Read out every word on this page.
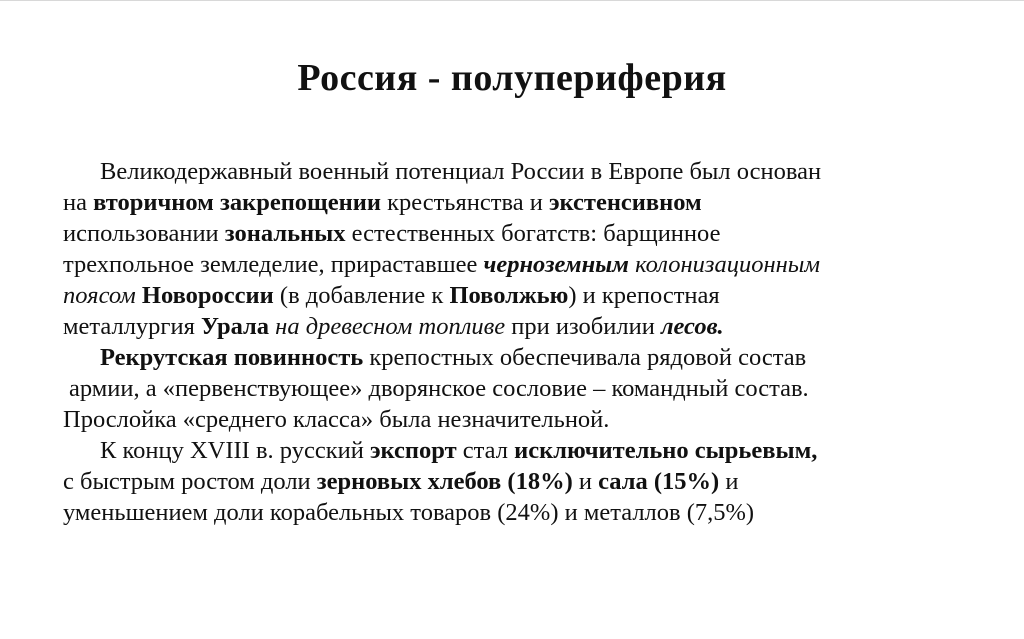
Россия - полупериферия
Великодержавный военный потенциал России в Европе был основан
на вторичном закрепощении крестьянства и экстенсивном
использовании зональных естественных богатств: барщинное
трехпольное земледелие, прираставшее черноземным колонизационным
поясом Новороссии (в добавление к Поволжью) и крепостная
металлургия Урала на древесном топливе при изобилии лесов.
Рекрутская повинность крепостных обеспечивала рядовой состав
армии, а «первенствующее» дворянское сословие – командный состав.
Прослойка «среднего класса» была незначительной.
К концу XVIII в. русский экспорт стал исключительно сырьевым,
с быстрым ростом доли зерновых хлебов (18%) и сала (15%) и
уменьшением доли корабельных товаров (24%) и металлов (7,5%)
